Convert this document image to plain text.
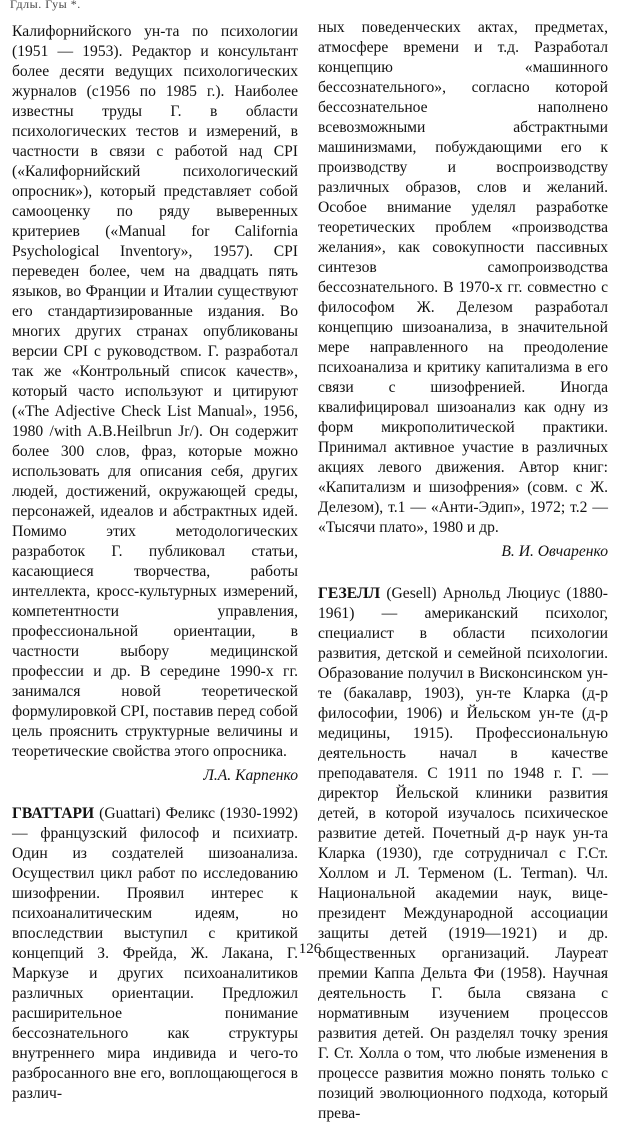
Гдлы. Гуы *.

Калифорнийского ун-та по психологии (1951 — 1953). Редактор и консультант более десяти ведущих психологических журналов (с1956 по 1985 г.). Наиболее известны труды Г. в области психологических тестов и измерений, в частности в связи с работой над CPI («Калифорнийский психологический опросник»), который представляет собой самооценку по ряду выверенных критериев («Manual for California Psychological Inventory», 1957). CPI переведен более, чем на двадцать пять языков, во Франции и Италии существуют его стандартизированные издания. Во многих других странах опубликованы версии CPI с руководством. Г. разработал так же «Контрольный список качеств», который часто используют и цитируют («The Adjective Check List Manual», 1956, 1980 /with A.B.Heilbrun Jr/). Он содержит более 300 слов, фраз, которые можно использовать для описания себя, других людей, достижений, окружающей среды, персонажей, идеалов и абстрактных идей. Помимо этих методологических разработок Г. публиковал статьи, касающиеся творчества, работы интеллекта, кросс-культурных измерений, компетентности управления, профессиональной ориентации, в частности выбору медицинской профессии и др. В середине 1990-х гг. занимался новой теоретической формулировкой CPI, поставив перед собой цель прояснить структурные величины и теоретические свойства этого опросника.

Л.А. Карпенко

ГВАТТАРИ (Guattari) Феликс (1930-1992) — французский философ и психиатр. Один из создателей шизоанализа. Осуществил цикл работ по исследованию шизофрении. Проявил интерес к психоаналитическим идеям, но впоследствии выступил с критикой концепций З. Фрейда, Ж. Лакана, Г. Маркузе и других психоаналитиков различных ориентации. Предложил расширительное понимание бессознательного как структуры внутреннего мира индивида и чего-то разбросанного вне его, воплощающегося в различ-

ных поведенческих актах, предметах, атмосфере времени и т.д. Разработал концепцию «машинного бессознательного», согласно которой бессознательное наполнено всевозможными абстрактными машинизмами, побуждающими его к производству и воспроизводству различных образов, слов и желаний. Особое внимание уделял разработке теоретических проблем «производства желания», как совокупности пассивных синтезов самопроизводства бессознательного. В 1970-х гг. совместно с философом Ж. Делезом разработал концепцию шизоанализа, в значительной мере направленного на преодоление психоанализа и критику капитализма в его связи с шизофренией. Иногда квалифицировал шизоанализ как одну из форм микрополитической практики. Принимал активное участие в различных акциях левого движения. Автор книг: «Капитализм и шизофрения» (совм. с Ж. Делезом), т.1 — «Анти-Эдип», 1972; т.2 — «Тысячи плато», 1980 и др.

В. И. Овчаренко

ГЕЗЕЛЛ (Gesell) Арнольд Люциус (1880-1961) — американский психолог, специалист в области психологии развития, детской и семейной психологии. Образование получил в Висконсинском ун-те (бакалавр, 1903), ун-те Кларка (д-р философии, 1906) и Йельском ун-те (д-р медицины, 1915). Профессиональную деятельность начал в качестве преподавателя. С 1911 по 1948 г. Г. — директор Йельской клиники развития детей, в которой изучалось психическое развитие детей. Почетный д-р наук ун-та Кларка (1930), где сотрудничал с Г.Ст. Холлом и Л. Терменом (L. Terman). Чл. Национальной академии наук, вице-президент Международной ассоциации защиты детей (1919—1921) и др. общественных организаций. Лауреат премии Каппа Дельта Фи (1958). Научная деятельность Г. была связана с нормативным изучением процессов развития детей. Он разделял точку зрения Г. Ст. Холла о том, что любые изменения в процессе развития можно понять только с позиций эволюционного подхода, который прева-

126
